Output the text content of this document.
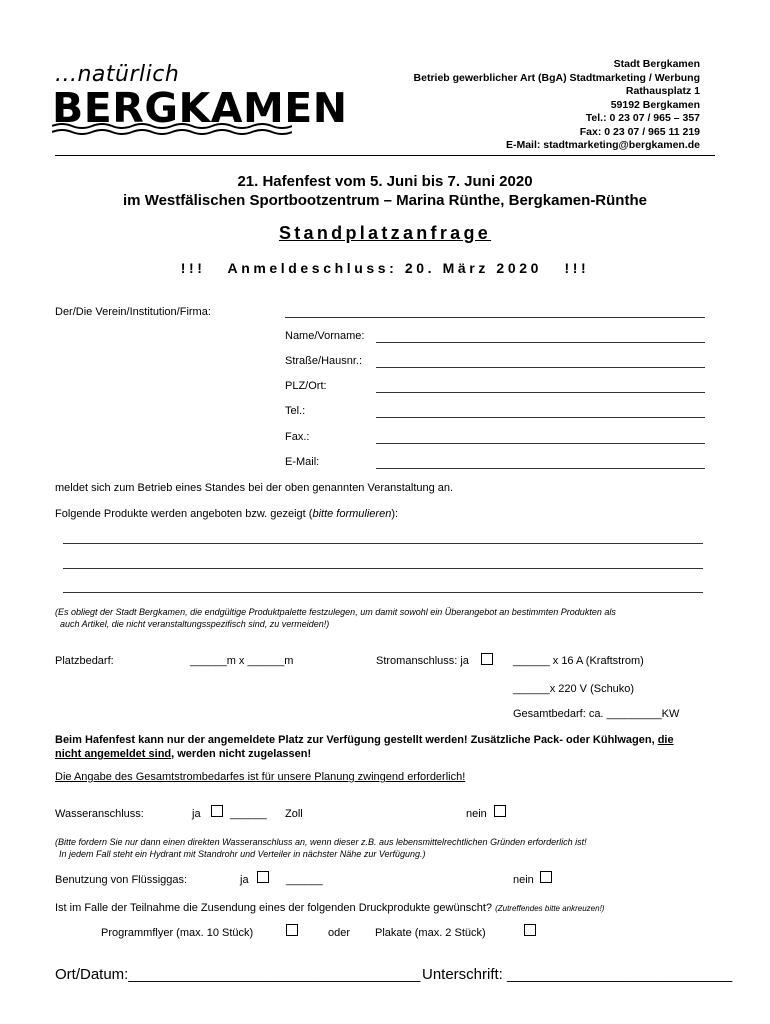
...natürlich
BERGKAMEN
Stadt Bergkamen
Betrieb gewerblicher Art (BgA) Stadtmarketing / Werbung
Rathausplatz 1
59192 Bergkamen
Tel.: 0 23 07 / 965 – 357
Fax: 0 23 07 / 965 11 219
E-Mail: stadtmarketing@bergkamen.de
21. Hafenfest vom 5. Juni bis 7. Juni 2020
im Westfälischen Sportbootzentrum – Marina Rünthe, Bergkamen-Rünthe
Standplatzanfrage
!!!   Anmeldeschluss: 20. März 2020   !!!
Der/Die Verein/Institution/Firma:
Name/Vorname:
Straße/Hausnr.:
PLZ/Ort:
Tel.:
Fax.:
E-Mail:
meldet sich zum Betrieb eines Standes bei der oben genannten Veranstaltung an.
Folgende Produkte werden angeboten bzw. gezeigt (bitte formulieren):
(Es obliegt der Stadt Bergkamen, die endgültige Produktpalette festzulegen, um damit sowohl ein Überangebot an bestimmten Produkten als
auch Artikel, die nicht veranstaltungsspezifisch sind, zu vermeiden!)
Platzbedarf:	______m x ______m	Stromanschluss: ja	______ x 16 A (Kraftstrom)
______x 220 V (Schuko)
Gesamtbedarf: ca. _________KW
Beim Hafenfest kann nur der angemeldete Platz zur Verfügung gestellt werden! Zusätzliche Pack- oder Kühlwagen, die
nicht angemeldet sind, werden nicht zugelassen!
Die Angabe des Gesamtstrombedarfes ist für unsere Planung zwingend erforderlich!
Wasseranschluss:	ja	______ Zoll	nein
(Bitte fordern Sie nur dann einen direkten Wasseranschluss an, wenn dieser z.B. aus lebensmittelrechtlichen Gründen erforderlich ist!
In jedem Fall steht ein Hydrant mit Standrohr und Verteiler in nächster Nähe zur Verfügung.)
Benutzung von Flüssiggas:	ja	______	nein
Ist im Falle der Teilnahme die Zusendung eines der folgenden Druckprodukte gewünscht? (Zutreffendes bitte ankreuzen!)
Programmflyer (max. 10 Stück)	oder Plakate (max. 2 Stück)
Ort/Datum:___________________________________ Unterschrift: ___________________________
